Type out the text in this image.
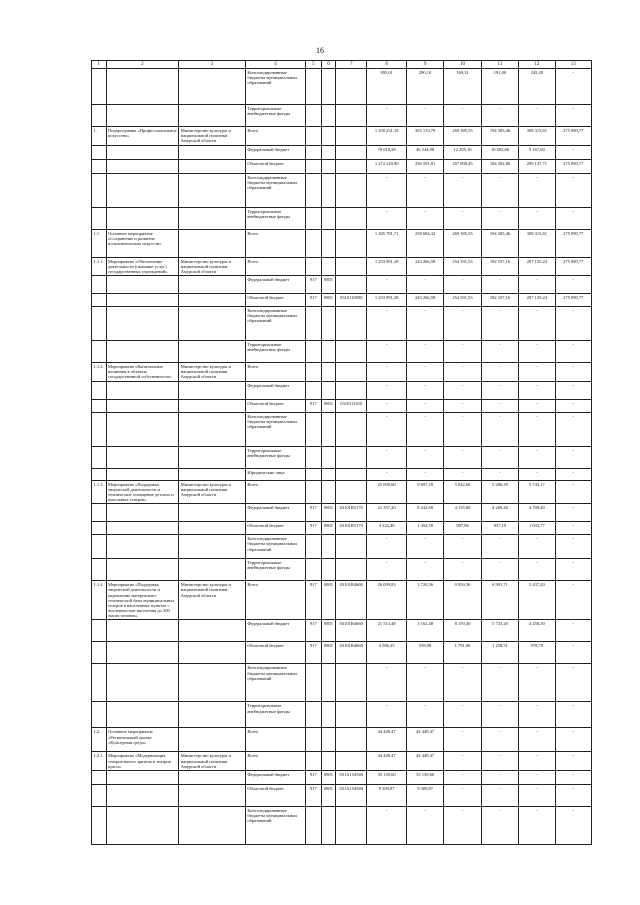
16
1	2	3	4	5	6	7	8	9	10	11	12	13
			Консолидированные бюджеты муниципальных образований				895,61	290,10	169,31	191,00	245,20	-
			Территориальные внебюджетные фонды				-	-	-	-	-	-
1.	Подпрограмма «Профессиональное искусство»	Министерство культуры и национальной политики Амурской области	Всего				1 350 231,18	303 133,79	269 385,55	194 305,46	308 315,61	275 090,77
			Федеральный бюджет				78 010,28	46 544,98	12 295,10	10 002,60	9 167,60	-
			Областной бюджет				1 272 220,90	256 591,81	257 090,45	184 302,86	299 147,71	275 090,77
			Консолидированные бюджеты муниципальных образований				-	-	-	-	-	-
			Территориальные внебюджетные фонды				-	-	-	-	-	-
1.1.	Основное мероприятие «Сохранение и развитие исполнительских искусств»		Всего				1 305 781,71	258 684,32	269 385,55	194 305,46	308 315,61	275 090,77
1.1.1.	Мероприятие «Обеспечение деятельности (оказание услуг) государственных учреждений»	Министерство культуры и национальной политики Амурской области	Всего				1 253 991,28	243 266,58	254 391,53	182 107,16	297 135,24	275 090,77
			Федеральный бюджет	917	0801		-	-	-	-	-	-
			Областной бюджет	917	0801	0310110590	1 253 991,28	243 266,58	254 391,53	182 107,16	297 135,24	275 090,77
			Консолидированные бюджеты муниципальных образований				-	-	-	-	-	-
			Территориальные внебюджетные фонды				-	-	-	-	-	-
1.1.2.	Мероприятие «Капитальные вложения в объекты государственной собственности»	Министерство культуры и национальной политики Амурской области	Всего				-	-	-	-	-	-
			Федеральный бюджет				-	-	-	-	-	-
			Областной бюджет	917	0801	0310111010	-	-	-	-	-	-
			Консолидированные бюджеты муниципальных образований				-	-	-	-	-	-
			Территориальные внебюджетные фонды				-	-	-	-	-	-
			Юридические лица				-	-	-	-	-	-
1.1.3.	Мероприятие «Поддержка творческой деятельности и техническое оснащение детских и кукольных театров»	Министерство культуры и национальной политики Амурской области	Всего				25 690,60	9 697,18	5 042,66	5 206,39	5 743,17	-
			Федеральный бюджет	917	0801	03101R5170	21 357,20	8 242,60	4 135,80	4 269,40	4 709,40	-
			Областной бюджет	917	0801	03101R5170	4 333,40	1 454,58	907,86	937,19	1 033,77	-
			Консолидированные бюджеты муниципальных образований				-	-	-	-	-	-
			Территориальные внебюджетные фонды				-	-	-	-	-	-
1.1.4.	Мероприятие «Поддержка творческой деятельности и укрепление материально-технической базы муниципальных театров в населенных пунктах с численностью населения до 300 тысяч человек»	Министерство культуры и национальной политики Амурской области	Всего	917	0801	03101R4660	26 099,83	3 720,56	9 950,36	6 991,71	5 437,20	-
			Федеральный бюджет	917	0801	03101R4660	21 513,48	3 162,48	8 159,30	5 733,20	4 458,50	-
			Областной бюджет	917	0801	03101R4660	4 586,35	558,08	1 791,06	1 258,51	978,70	-
			Консолидированные бюджеты муниципальных образований				-	-	-	-	-	-
			Территориальные внебюджетные фонды				-	-	-	-	-	-
1.2.	Основное мероприятие «Региональный проект «Культурная среда»		Всего				44 449,47	44 449,47	-	-	-	-
1.2.1.	Мероприятие «Модернизация театров юного зрителя и театров кукол»	Министерство культуры и национальной политики Амурской области	Всего				44 449,47	44 449,47	-	-	-	-
			Федеральный бюджет	917	0801	031A154560	35 139,60	35 139,60	-	-	-	-
			Областной бюджет	917	0801	031A154560	9 309,87	9 309,87	-	-	-	-
			Консолидированные бюджеты муниципальных образований				-	-	-	-	-	-
